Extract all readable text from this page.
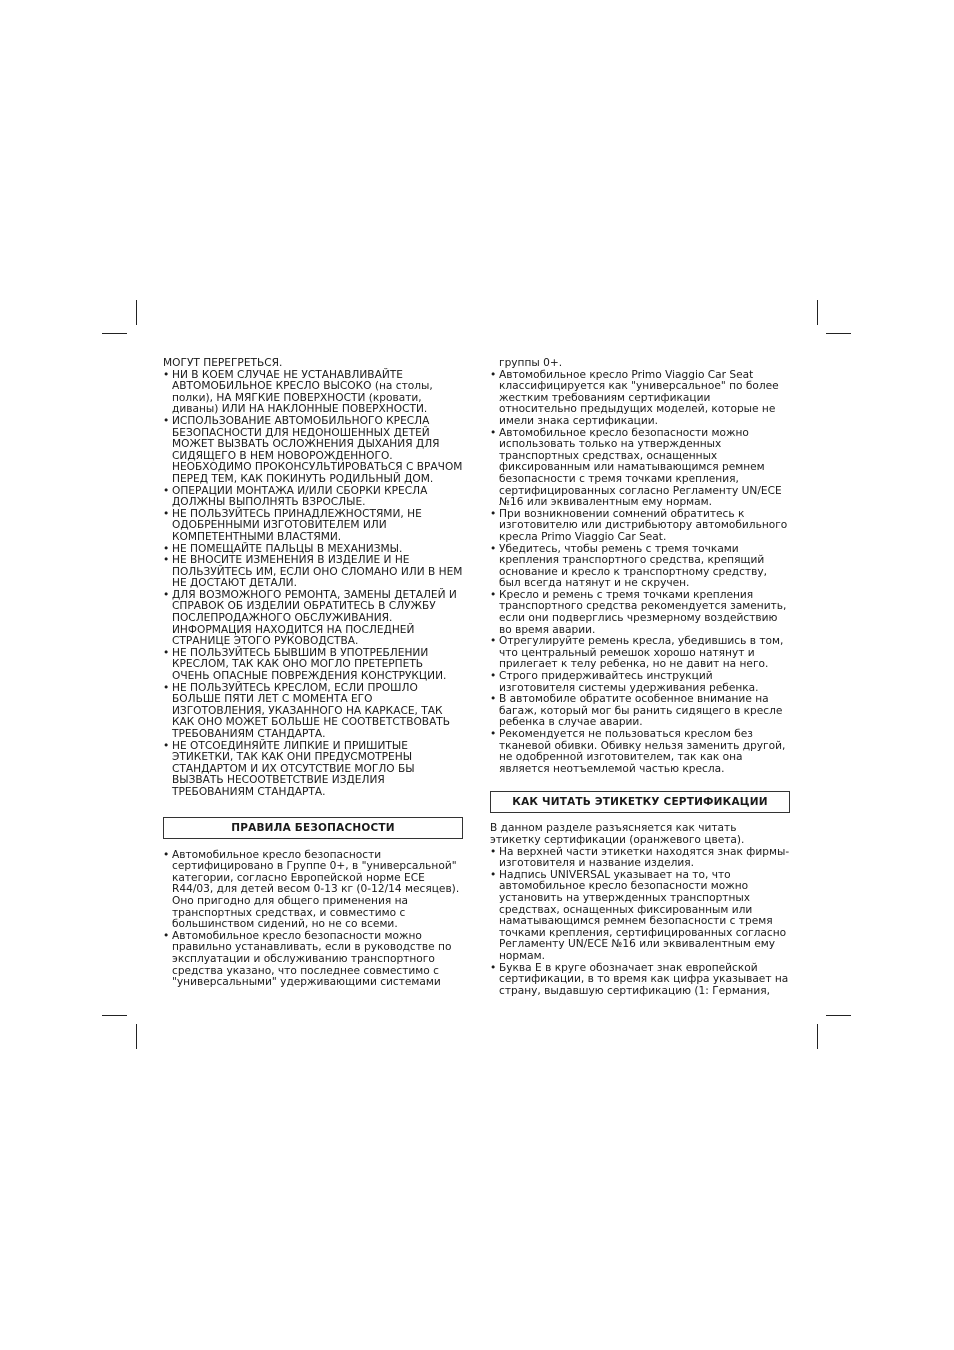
МОГУТ ПЕРЕГРЕТЬСЯ.

• НИ В КОЕМ СЛУЧАЕ НЕ УСТАНАВЛИВАЙТЕ АВТОМОБИЛЬНОЕ КРЕСЛО ВЫСОКО (на столы, полки), НА МЯГКИЕ ПОВЕРХНОСТИ (кровати, диваны) ИЛИ НА НАКЛОННЫЕ ПОВЕРХНОСТИ.
• ИСПОЛЬЗОВАНИЕ АВТОМОБИЛЬНОГО КРЕСЛА БЕЗОПАСНОСТИ ДЛЯ НЕДОНОШЕННЫХ ДЕТЕЙ МОЖЕТ ВЫЗВАТЬ ОСЛОЖНЕНИЯ ДЫХАНИЯ ДЛЯ СИДЯЩЕГО В НЕМ НОВОРОЖДЕННОГО. НЕОБХОДИМО ПРОКОНСУЛЬТИРОВАТЬСЯ С ВРАЧОМ ПЕРЕД ТЕМ, КАК ПОКИНУТЬ РОДИЛЬНЫЙ ДОМ.
• ОПЕРАЦИИ МОНТАЖА И/ИЛИ СБОРКИ КРЕСЛА ДОЛЖНЫ ВЫПОЛНЯТЬ ВЗРОСЛЫЕ.
• НЕ ПОЛЬЗУЙТЕСЬ ПРИНАДЛЕЖНОСТЯМИ, НЕ ОДОБРЕННЫМИ ИЗГОТОВИТЕЛЕМ ИЛИ КОМПЕТЕНТНЫМИ ВЛАСТЯМИ.
• НЕ ПОМЕЩАЙТЕ ПАЛЬЦЫ В МЕХАНИЗМЫ.
• НЕ ВНОСИТЕ ИЗМЕНЕНИЯ В ИЗДЕЛИЕ И НЕ ПОЛЬЗУЙТЕСЬ ИМ, ЕСЛИ ОНО СЛОМАНО ИЛИ В НЕМ НЕ ДОСТАЮТ ДЕТАЛИ.
• ДЛЯ ВОЗМОЖНОГО РЕМОНТА, ЗАМЕНЫ ДЕТАЛЕЙ И СПРАВОК ОБ ИЗДЕЛИИ ОБРАТИТЕСЬ В СЛУЖБУ ПОСЛЕПРОДАЖНОГО ОБСЛУЖИВАНИЯ. ИНФОРМАЦИЯ НАХОДИТСЯ НА ПОСЛЕДНЕЙ СТРАНИЦЕ ЭТОГО РУКОВОДСТВА.
• НЕ ПОЛЬЗУЙТЕСЬ БЫВШИМ В УПОТРЕБЛЕНИИ КРЕСЛОМ, ТАК КАК ОНО МОГЛО ПРЕТЕРПЕТЬ ОЧЕНЬ ОПАСНЫЕ ПОВРЕЖДЕНИЯ КОНСТРУКЦИИ.
• НЕ ПОЛЬЗУЙТЕСЬ КРЕСЛОМ, ЕСЛИ ПРОШЛО БОЛЬШЕ ПЯТИ ЛЕТ С МОМЕНТА ЕГО ИЗГОТОВЛЕНИЯ, УКАЗАННОГО НА КАРКАСЕ, ТАК КАК ОНО МОЖЕТ БОЛЬШЕ НЕ СООТВЕТСТВОВАТЬ ТРЕБОВАНИЯМ СТАНДАРТА.
• НЕ ОТСОЕДИНЯЙТЕ ЛИПКИЕ И ПРИШИТЫЕ ЭТИКЕТКИ, ТАК КАК ОНИ ПРЕДУСМОТРЕНЫ СТАНДАРТОМ И ИХ ОТСУТСТВИЕ МОГЛО БЫ ВЫЗВАТЬ НЕСООТВЕТСТВИЕ ИЗДЕЛИЯ ТРЕБОВАНИЯМ СТАНДАРТА.
ПРАВИЛА БЕЗОПАСНОСТИ
• Автомобильное кресло безопасности сертифицировано в Группе 0+, в "универсальной" категории, согласно Европейской норме ECE R44/03, для детей весом 0-13 кг (0-12/14 месяцев). Оно пригодно для общего применения на транспортных средствах, и совместимо с большинством сидений, но не со всеми.
• Автомобильное кресло безопасности можно правильно устанавливать, если в руководстве по эксплуатации и обслуживанию транспортного средства указано, что последнее совместимо с "универсальными" удерживающими системами

группы 0+.

• Автомобильное кресло Primo Viaggio Car Seat классифицируется как "универсальное" по более жестким требованиям сертификации относительно предыдущих моделей, которые не имели знака сертификации.
• Автомобильное кресло безопасности можно использовать только на утвержденных транспортных средствах, оснащенных фиксированным или наматывающимся ремнем безопасности с тремя точками крепления, сертифицированных согласно Регламенту UN/ECE №16 или эквивалентным ему нормам.
• При возникновении сомнений обратитесь к изготовителю или дистрибьютору автомобильного кресла Primo Viaggio Car Seat.
• Убедитесь, чтобы ремень с тремя точками крепления транспортного средства, крепящий основание и кресло к транспортному средству, был всегда натянут и не скручен.
• Кресло и ремень с тремя точками крепления транспортного средства рекомендуется заменить, если они подверглись чрезмерному воздействию во время аварии.
• Отрегулируйте ремень кресла, убедившись в том, что центральный ремешок хорошо натянут и прилегает к телу ребенка, но не давит на него.
• Строго придерживайтесь инструкций изготовителя системы удерживания ребенка.
• В автомобиле обратите особенное внимание на багаж, который мог бы ранить сидящего в кресле ребенка в случае аварии.
• Рекомендуется не пользоваться креслом без тканевой обивки. Обивку нельзя заменить другой, не одобренной изготовителем, так как она является неотъемлемой частью кресла.
КАК ЧИТАТЬ ЭТИКЕТКУ СЕРТИФИКАЦИИ

В данном разделе разъясняется как читать этикетку сертификации (оранжевого цвета).

• На верхней части этикетки находятся знак фирмы-изготовителя и название изделия.
• Надпись UNIVERSAL указывает на то, что автомобильное кресло безопасности можно установить на утвержденных транспортных средствах, оснащенных фиксированным или наматывающимся ремнем безопасности с тремя точками крепления, сертифицированных согласно Регламенту UN/ECE №16 или эквивалентным ему нормам.
• Буква Е в круге обозначает знак европейской сертификации, в то время как цифра указывает на страну, выдавшую сертификацию (1: Германия,
